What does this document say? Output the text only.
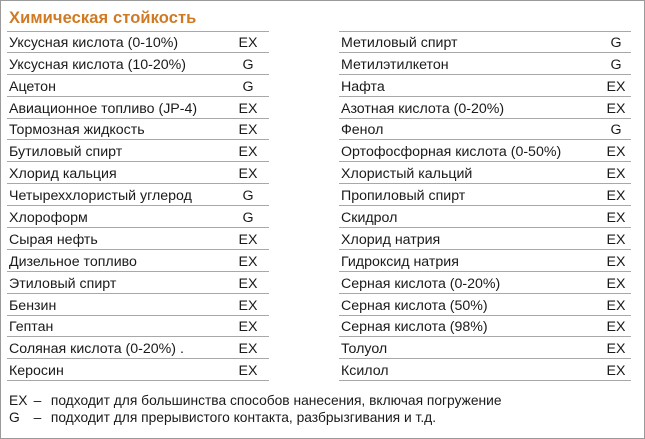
Химическая стойкость
Уксусная кислота (0-10%)	EX
Уксусная кислота (10-20%)	G
Ацетон	G
Авиационное топливо (JP-4)	EX
Тормозная жидкость	EX
Бутиловый спирт	EX
Хлорид кальция	EX
Четыреххлористый углерод	G
Хлороформ	G
Сырая нефть	EX
Дизельное топливо	EX
Этиловый спирт	EX
Бензин	EX
Гептан	EX
Соляная кислота (0-20%) .	EX
Керосин	EX
Метиловый спирт	G
Метилэтилкетон	G
Нафта	EX
Азотная кислота (0-20%)	EX
Фенол	G
Ортофосфорная кислота (0-50%)	EX
Хлористый кальций	EX
Пропиловый спирт	EX
Скидрол	EX
Хлорид натрия	EX
Гидроксид натрия	EX
Серная кислота (0-20%)	EX
Серная кислота (50%)	EX
Серная кислота (98%)	EX
Толуол	EX
Ксилол	EX
EX – подходит для большинства способов нанесения, включая погружение
G – подходит для прерывистого контакта, разбрызгивания и т.д.
